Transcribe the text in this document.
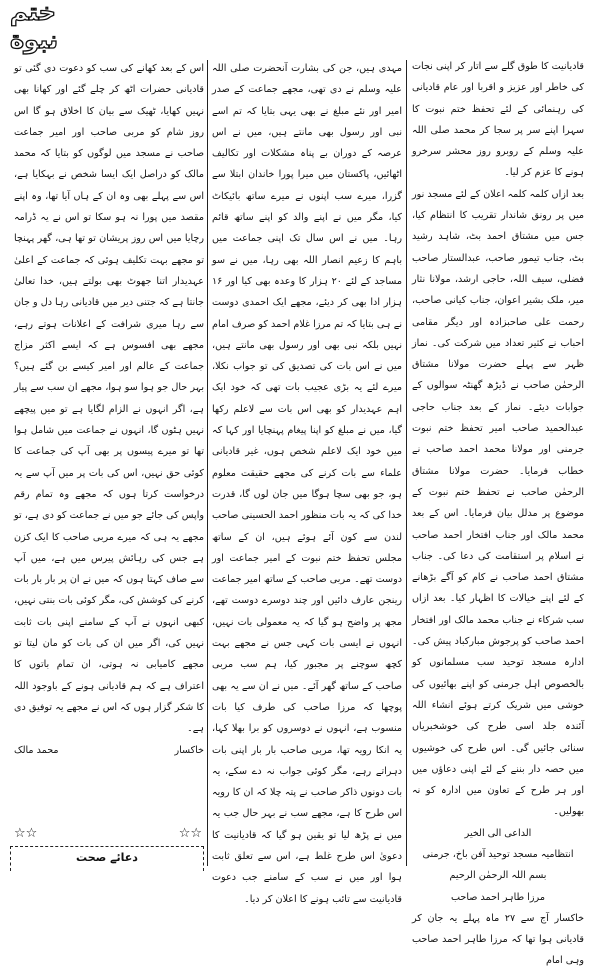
ختم نبوة

قادیانیت کا طوق گلے سے اتار کر اپنی نجات کی خاطر اور عزیز و اقربا اور عام قادیانی کی رہنمائی کے لئے تحفظ ختم نبوت کا سہرا اپنے سر پر سجا کر محمد صلی اللہ علیہ وسلم کے روبرو روز محشر سرخرو ہونے کا عزم کر لیا۔

بعد ازاں کلمہ کلمہ اعلان کے لئے مسجد نور میں پر رونق شاندار تقریب کا انتظام کیا، جس میں مشتاق احمد بٹ، شاہد رشید بٹ، جناب تیمور صاحب، عبدالستار صاحب فضلی، سیف اللہ، حاجی ارشد، مولانا نثار میر، ملک بشیر اعوان، جناب کیانی صاحب، رحمت علی صاحبزادہ اور دیگر مقامی احباب نے کثیر تعداد میں شرکت کی۔ نماز ظہر سے پہلے حضرت مولانا مشتاق الرحمٰن صاحب نے ڈیڑھ گھنٹہ سوالوں کے جوابات دیئے۔ نماز کے بعد جناب حاجی عبدالحمید صاحب امیر تحفظ ختم نبوت جرمنی اور مولانا محمد احمد صاحب نے خطاب فرمایا۔ حضرت مولانا مشتاق الرحمٰن صاحب نے تحفظ ختم نبوت کے موضوع پر مدلل بیان فرمایا۔ اس کے بعد محمد مالک اور جناب افتخار احمد صاحب نے اسلام پر استقامت کی دعا کی۔ جناب مشتاق احمد صاحب نے کام کو آگے بڑھانے کے لئے اپنے خیالات کا اظہار کیا۔ بعد ازاں سب شرکاء نے جناب محمد مالک اور افتخار احمد صاحب کو پرجوش مبارکباد پیش کی۔ ادارہ مسجد توحید سب مسلمانوں کو بالخصوص اہل جرمنی کو اپنے بھائیوں کی خوشی میں شریک کرتے ہوئے انشاء اللہ آئندہ جلد اسی طرح کی خوشخبریاں سنائی جائیں گی۔ اس طرح کی خوشیوں میں حصہ دار بننے کے لئے اپنی دعاؤں میں اور ہر طرح کے تعاون میں ادارہ کو نہ بھولیں۔

الداعی الی الخیر

انتظامیہ مسجد توحید آفن باخ، جرمنی

بسم اللہ الرحمٰن الرحیم

مرزا طاہر احمد صاحب

خاکسار آج سے ۲۷ ماہ پہلے یہ جان کر قادیانی ہوا تھا کہ مرزا طاہر احمد صاحب وہی امام

مہدی ہیں، جن کی بشارت آنحضرت صلی اللہ علیہ وسلم نے دی تھی، مجھے جماعت کے صدر امیر اور نئے مبلغ نے بھی یہی بتایا کہ تم اسے نبی اور رسول بھی مانتے ہیں، میں نے اس عرصہ کے دوران بے پناہ مشکلات اور تکالیف اٹھائیں، پاکستان میں میرا پورا خاندان ابتلا سے گزرا، میرے سب اپنوں نے میرے ساتھ بائیکاٹ کیا، مگر میں نے اپنے والد کو اپنے ساتھ قائم رہا۔ میں نے اس سال تک اپنی جماعت میں باہم کا زعیم انصار اللہ بھی رہا، میں نے سو مساجد کے لئے ۲۰ ہزار کا وعدہ بھی کیا اور ۱۶ ہزار ادا بھی کر دیئے، مجھے ایک احمدی دوست نے ہی بتایا کہ تم مرزا غلام احمد کو صرف امام نہیں بلکہ نبی بھی اور رسول بھی مانتے ہیں، میں نے اس بات کی تصدیق کی تو جواب نکلا، میرے لئے یہ بڑی عجیب بات تھی کہ خود ایک اہم عہدیدار کو بھی اس بات سے لاعلم رکھا گیا، میں نے مبلغ کو اپنا پیغام پہنچایا اور کہا کہ میں خود ایک لاعلم شخص ہوں، غیر قادیانی علماء سے بات کرنے کی مجھے حقیقت معلوم ہو، جو بھی سچا ہوگا میں جان لوں گا، قدرت خدا کی کہ یہ بات منظور احمد الحسینی صاحب لندن سے کون آئے ہوئے ہیں، ان کے ساتھ مجلس تحفظ ختم نبوت کے امیر جماعت اور دوست تھے۔ مربی صاحب کے ساتھ امیر جماعت رینجن عارف دائیں اور چند دوسرے دوست تھے، مجھ پر واضح ہو گیا کہ یہ معمولی بات نہیں، انہوں نے ایسی بات کہی جس نے مجھے بہت کچھ سوچنے پر مجبور کیا، ہم سب مربی صاحب کے ساتھ گھر آئے۔ میں نے ان سے یہ بھی پوچھا کہ مرزا صاحب کی طرف کیا بات منسوب ہے، انہوں نے دوسروں کو برا بھلا کہا، یہ انکا رویہ تھا، مربی صاحب بار بار اپنی بات دہراتے رہے، مگر کوئی جواب نہ دے سکے، یہ بات دونوں ذاکر صاحب نے پتہ چلا کہ ان کا رویہ اس طرح کا ہے، مجھے سب نے بہر حال جب یہ میں نے پڑھ لیا تو یقین ہو گیا کہ قادیانیت کا دعویٰ اس طرح غلط ہے، اس سے تعلق ثابت ہوا اور میں نے سب کے سامنے جب دعوت قادیانیت سے تائب ہونے کا اعلان کر دیا۔

اس کے بعد کھانے کی سب کو دعوت دی گئی تو قادیانی حضرات اٹھ کر چلے گئے اور کھانا بھی نہیں کھایا، ٹھیک سے بیان کا اخلاق ہو گا اس روز شام کو مربی صاحب اور امیر جماعت صاحب نے مسجد میں لوگوں کو بتایا کہ محمد مالک کو دراصل ایک ایسا شخص نے بہکایا ہے، اس سے پہلے بھی وہ ان کے ہاں آیا تھا، وہ اپنے مقصد میں پورا نہ ہو سکا تو اس نے یہ ڈرامہ رچایا میں اس روز پریشان تو تھا ہی، گھر پہنچا تو مجھے بہت تکلیف ہوئی کہ جماعت کے اعلیٰ عہدیدار اتنا جھوٹ بھی بولتے ہیں، خدا تعالیٰ جانتا ہے کہ جتنی دیر میں قادیانی رہا دل و جان سے رہا میری شرافت کے اعلانات ہوتے رہے، مجھے بھی افسوس ہے کہ ایسے اکثر مزاج جماعت کے عالم اور امیر کیسے بن گئے ہیں؟ بہر حال جو ہوا سو ہوا، مجھے ان سب سے پیار ہے، اگر انہوں نے الزام لگایا ہے تو میں پیچھے نہیں ہٹوں گا، انہوں نے جماعت میں شامل ہوا تھا تو میرے پیسوں پر بھی آپ کی جماعت کا کوئی حق نہیں، اس کی بات پر میں آپ سے یہ درخواست کرتا ہوں کہ مجھے وہ تمام رقم واپس کی جائے جو میں نے جماعت کو دی ہے، تو مجھے یہ ہی کہ میرے مربی صاحب کا ایک کزن ہے جس کی رہائش پیرس میں ہے، میں آپ سے صاف کہتا ہوں کہ میں نے ان پر بار بار بات کرنے کی کوشش کی، مگر کوئی بات بنتی نہیں، کبھی انہوں نے آپ کے سامنے اپنی بات ثابت نہیں کی، اگر میں ان کی بات کو مان لیتا تو مجھے کامیابی نہ ہوتی، ان تمام باتوں کا اعتراف ہے کہ ہم قادیانی ہونے کے باوجود اللہ کا شکر گزار ہوں کہ اس نے مجھے یہ توفیق دی ہے۔

خاکسار
محمد مالک
☆☆	☆☆
دعائے صحت
